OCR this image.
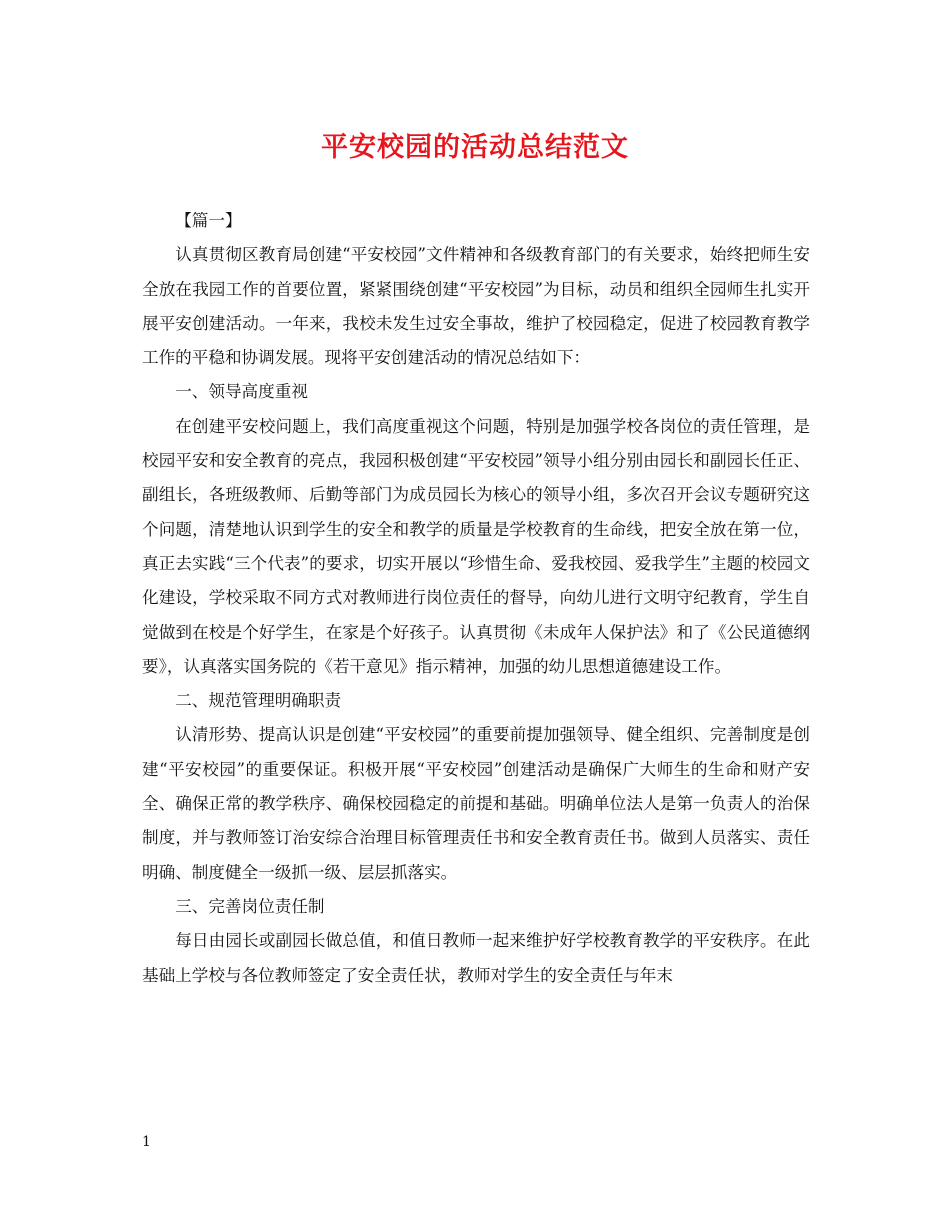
平安校园的活动总结范文

【篇一】

认真贯彻区教育局创建“平安校园”文件精神和各级教育部门的有关要求，始终把师生安全放在我园工作的首要位置，紧紧围绕创建“平安校园”为目标，动员和组织全园师生扎实开展平安创建活动。一年来，我校未发生过安全事故，维护了校园稳定，促进了校园教育教学工作的平稳和协调发展。现将平安创建活动的情况总结如下：

一、领导高度重视

在创建平安校问题上，我们高度重视这个问题，特别是加强学校各岗位的责任管理，是校园平安和安全教育的亮点，我园积极创建“平安校园”领导小组分别由园长和副园长任正、副组长，各班级教师、后勤等部门为成员园长为核心的领导小组，多次召开会议专题研究这个问题，清楚地认识到学生的安全和教学的质量是学校教育的生命线，把安全放在第一位，真正去实践“三个代表”的要求，切实开展以“珍惜生命、爱我校园、爱我学生”主题的校园文化建设，学校采取不同方式对教师进行岗位责任的督导，向幼儿进行文明守纪教育，学生自觉做到在校是个好学生，在家是个好孩子。认真贯彻《未成年人保护法》和了《公民道德纲要》，认真落实国务院的《若干意见》指示精神，加强的幼儿思想道德建设工作。

二、规范管理明确职责

认清形势、提高认识是创建“平安校园”的重要前提加强领导、健全组织、完善制度是创建“平安校园”的重要保证。积极开展“平安校园”创建活动是确保广大师生的生命和财产安全、确保正常的教学秩序、确保校园稳定的前提和基础。明确单位法人是第一负责人的治保制度，并与教师签订治安综合治理目标管理责任书和安全教育责任书。做到人员落实、责任明确、制度健全一级抓一级、层层抓落实。

三、完善岗位责任制

每日由园长或副园长做总值，和值日教师一起来维护好学校教育教学的平安秩序。在此基础上学校与各位教师签定了安全责任状，教师对学生的安全责任与年末

1
